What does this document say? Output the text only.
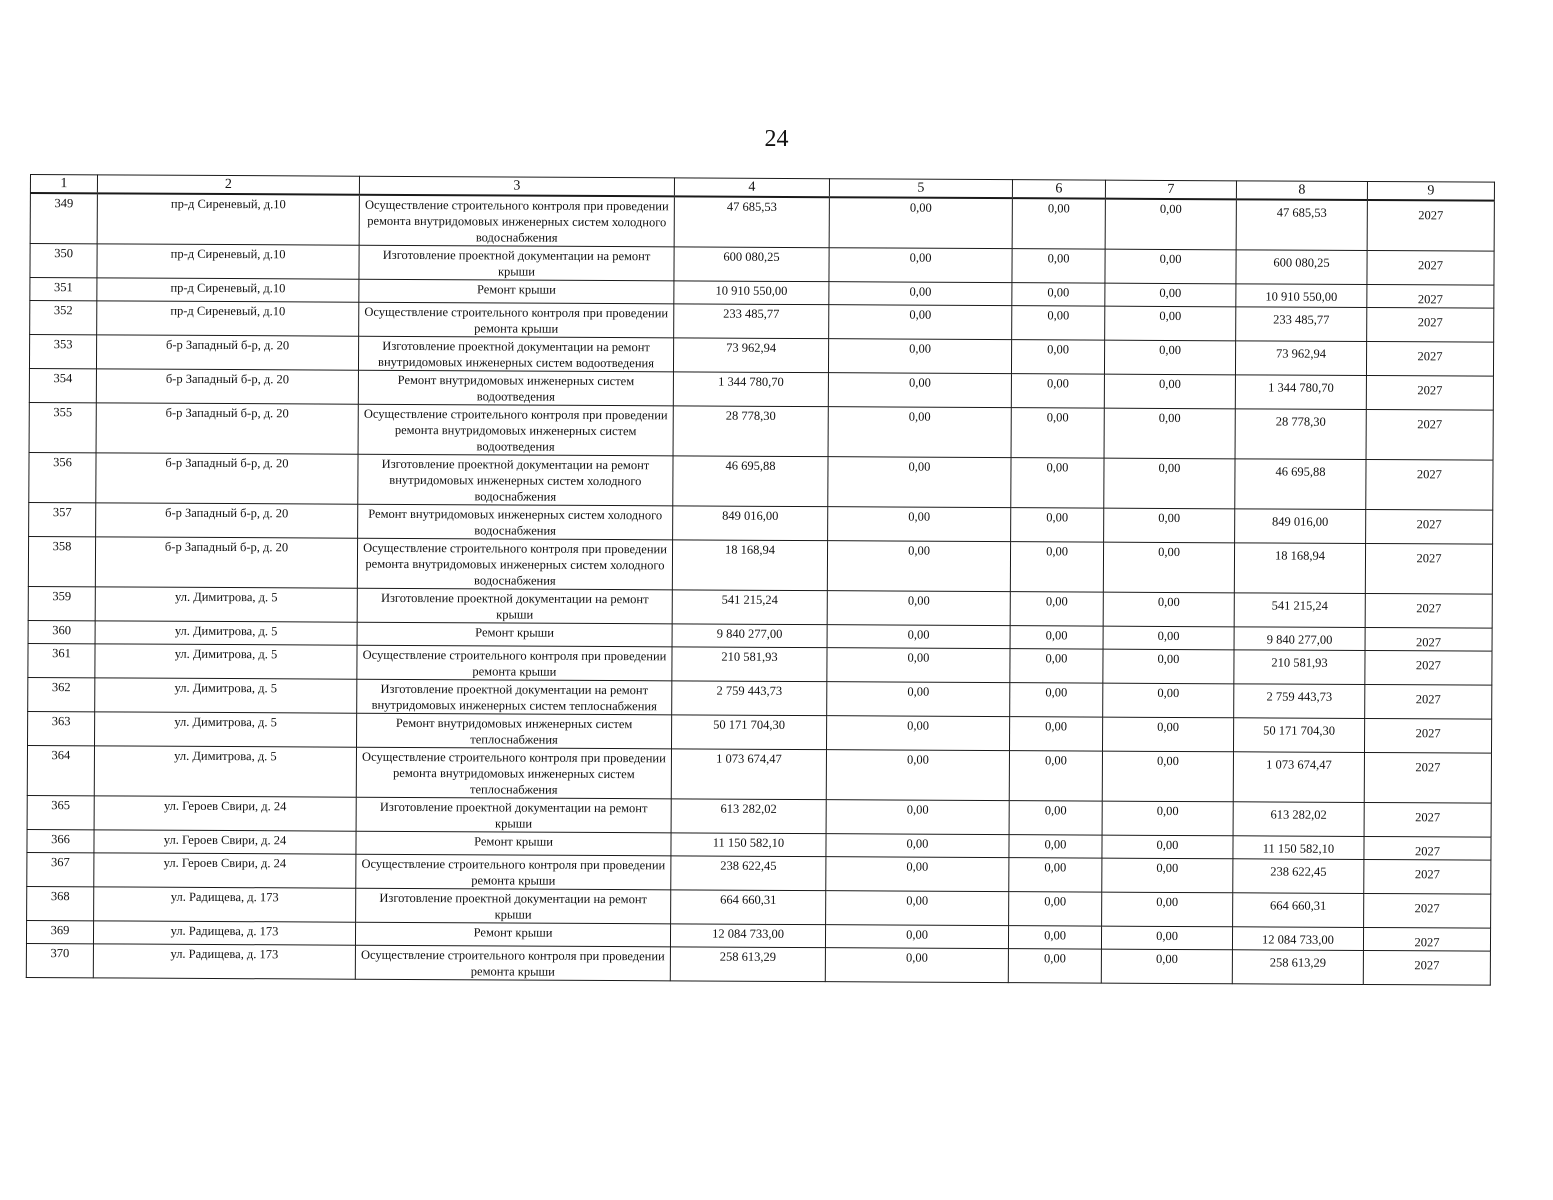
24
1	2	3	4	5	6	7	8	9
349	пр-д Сиреневый, д.10	Осуществление строительного контроля при проведении ремонта внутридомовых инженерных систем холодного водоснабжения	47 685,53	0,00	0,00	0,00	47 685,53	2027
350	пр-д Сиреневый, д.10	Изготовление проектной документации на ремонт крыши	600 080,25	0,00	0,00	0,00	600 080,25	2027
351	пр-д Сиреневый, д.10	Ремонт крыши	10 910 550,00	0,00	0,00	0,00	10 910 550,00	2027
352	пр-д Сиреневый, д.10	Осуществление строительного контроля при проведении ремонта крыши	233 485,77	0,00	0,00	0,00	233 485,77	2027
353	б-р Западный б-р, д. 20	Изготовление проектной документации на ремонт внутридомовых инженерных систем водоотведения	73 962,94	0,00	0,00	0,00	73 962,94	2027
354	б-р Западный б-р, д. 20	Ремонт внутридомовых инженерных систем водоотведения	1 344 780,70	0,00	0,00	0,00	1 344 780,70	2027
355	б-р Западный б-р, д. 20	Осуществление строительного контроля при проведении ремонта внутридомовых инженерных систем водоотведения	28 778,30	0,00	0,00	0,00	28 778,30	2027
356	б-р Западный б-р, д. 20	Изготовление проектной документации на ремонт внутридомовых инженерных систем холодного водоснабжения	46 695,88	0,00	0,00	0,00	46 695,88	2027
357	б-р Западный б-р, д. 20	Ремонт внутридомовых инженерных систем холодного водоснабжения	849 016,00	0,00	0,00	0,00	849 016,00	2027
358	б-р Западный б-р, д. 20	Осуществление строительного контроля при проведении ремонта внутридомовых инженерных систем холодного водоснабжения	18 168,94	0,00	0,00	0,00	18 168,94	2027
359	ул. Димитрова, д. 5	Изготовление проектной документации на ремонт крыши	541 215,24	0,00	0,00	0,00	541 215,24	2027
360	ул. Димитрова, д. 5	Ремонт крыши	9 840 277,00	0,00	0,00	0,00	9 840 277,00	2027
361	ул. Димитрова, д. 5	Осуществление строительного контроля при проведении ремонта крыши	210 581,93	0,00	0,00	0,00	210 581,93	2027
362	ул. Димитрова, д. 5	Изготовление проектной документации на ремонт внутридомовых инженерных систем теплоснабжения	2 759 443,73	0,00	0,00	0,00	2 759 443,73	2027
363	ул. Димитрова, д. 5	Ремонт внутридомовых инженерных систем теплоснабжения	50 171 704,30	0,00	0,00	0,00	50 171 704,30	2027
364	ул. Димитрова, д. 5	Осуществление строительного контроля при проведении ремонта внутридомовых инженерных систем теплоснабжения	1 073 674,47	0,00	0,00	0,00	1 073 674,47	2027
365	ул. Героев Свири, д. 24	Изготовление проектной документации на ремонт крыши	613 282,02	0,00	0,00	0,00	613 282,02	2027
366	ул. Героев Свири, д. 24	Ремонт крыши	11 150 582,10	0,00	0,00	0,00	11 150 582,10	2027
367	ул. Героев Свири, д. 24	Осуществление строительного контроля при проведении ремонта крыши	238 622,45	0,00	0,00	0,00	238 622,45	2027
368	ул. Радищева, д. 173	Изготовление проектной документации на ремонт крыши	664 660,31	0,00	0,00	0,00	664 660,31	2027
369	ул. Радищева, д. 173	Ремонт крыши	12 084 733,00	0,00	0,00	0,00	12 084 733,00	2027
370	ул. Радищева, д. 173	Осуществление строительного контроля при проведении ремонта крыши	258 613,29	0,00	0,00	0,00	258 613,29	2027
